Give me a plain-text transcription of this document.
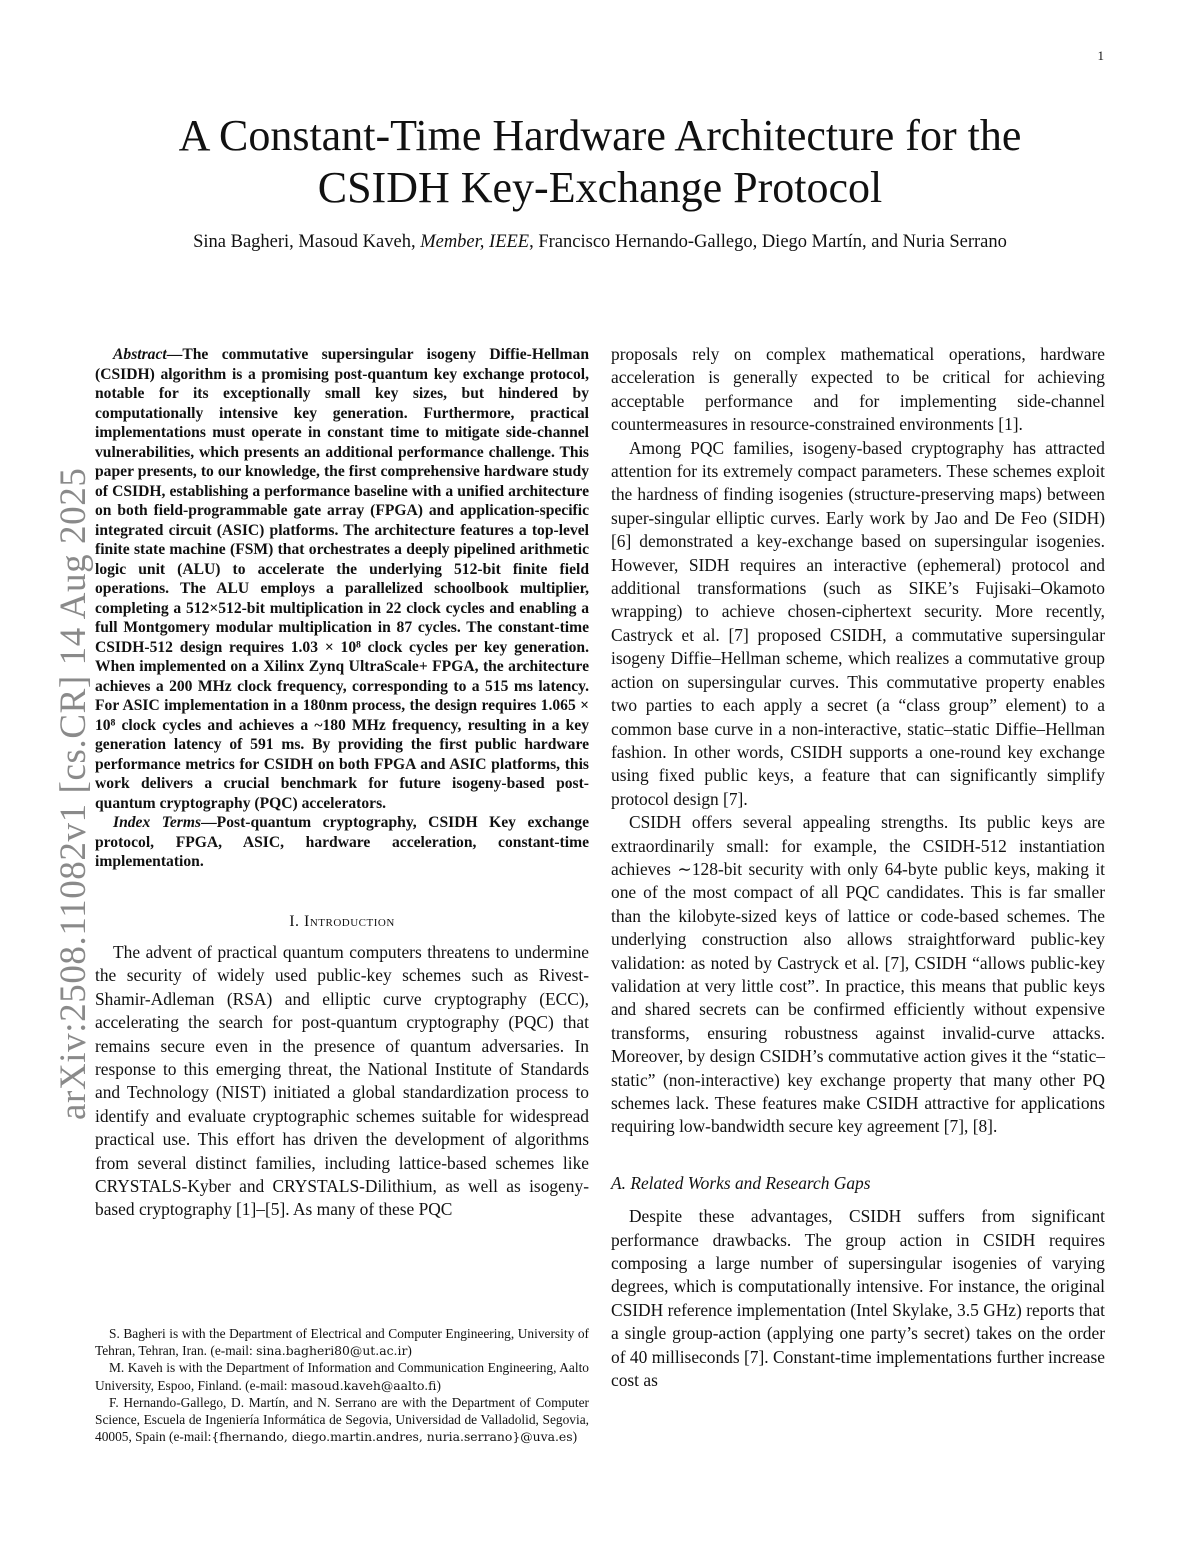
1
arXiv:2508.11082v1 [cs.CR] 14 Aug 2025
A Constant-Time Hardware Architecture for the
CSIDH Key-Exchange Protocol
Sina Bagheri, Masoud Kaveh, Member, IEEE, Francisco Hernando-Gallego, Diego Martín, and Nuria Serrano

Abstract—The commutative supersingular isogeny Diffie-Hellman (CSIDH) algorithm is a promising post-quantum key exchange protocol, notable for its exceptionally small key sizes, but hindered by computationally intensive key generation. Furthermore, practical implementations must operate in constant time to mitigate side-channel vulnerabilities, which presents an additional performance challenge. This paper presents, to our knowledge, the first comprehensive hardware study of CSIDH, establishing a performance baseline with a unified architecture on both field-programmable gate array (FPGA) and application-specific integrated circuit (ASIC) platforms. The architecture features a top-level finite state machine (FSM) that orchestrates a deeply pipelined arithmetic logic unit (ALU) to accelerate the underlying 512-bit finite field operations. The ALU employs a parallelized schoolbook multiplier, completing a 512×512-bit multiplication in 22 clock cycles and enabling a full Montgomery modular multiplication in 87 cycles. The constant-time CSIDH-512 design requires 1.03 × 10⁸ clock cycles per key generation. When implemented on a Xilinx Zynq UltraScale+ FPGA, the architecture achieves a 200 MHz clock frequency, corresponding to a 515 ms latency. For ASIC implementation in a 180nm process, the design requires 1.065 × 10⁸ clock cycles and achieves a ~180 MHz frequency, resulting in a key generation latency of 591 ms. By providing the first public hardware performance metrics for CSIDH on both FPGA and ASIC platforms, this work delivers a crucial benchmark for future isogeny-based post-quantum cryptography (PQC) accelerators.

Index Terms—Post-quantum cryptography, CSIDH Key exchange protocol, FPGA, ASIC, hardware acceleration, constant-time implementation.

I. Introduction

The advent of practical quantum computers threatens to undermine the security of widely used public-key schemes such as Rivest-Shamir-Adleman (RSA) and elliptic curve cryptography (ECC), accelerating the search for post-quantum cryptography (PQC) that remains secure even in the presence of quantum adversaries. In response to this emerging threat, the National Institute of Standards and Technology (NIST) initiated a global standardization process to identify and evaluate cryptographic schemes suitable for widespread practical use. This effort has driven the development of algorithms from several distinct families, including lattice-based schemes like CRYSTALS-Kyber and CRYSTALS-Dilithium, as well as isogeny-based cryptography [1]–[5]. As many of these PQC

proposals rely on complex mathematical operations, hardware acceleration is generally expected to be critical for achieving acceptable performance and for implementing side-channel countermeasures in resource-constrained environments [1].

Among PQC families, isogeny-based cryptography has attracted attention for its extremely compact parameters. These schemes exploit the hardness of finding isogenies (structure-preserving maps) between super-singular elliptic curves. Early work by Jao and De Feo (SIDH) [6] demonstrated a key-exchange based on supersingular isogenies. However, SIDH requires an interactive (ephemeral) protocol and additional transformations (such as SIKE’s Fujisaki–Okamoto wrapping) to achieve chosen-ciphertext security. More recently, Castryck et al. [7] proposed CSIDH, a commutative supersingular isogeny Diffie–Hellman scheme, which realizes a commutative group action on supersingular curves. This commutative property enables two parties to each apply a secret (a “class group” element) to a common base curve in a non-interactive, static–static Diffie–Hellman fashion. In other words, CSIDH supports a one-round key exchange using fixed public keys, a feature that can significantly simplify protocol design [7].

CSIDH offers several appealing strengths. Its public keys are extraordinarily small: for example, the CSIDH-512 instantiation achieves ∼128-bit security with only 64-byte public keys, making it one of the most compact of all PQC candidates. This is far smaller than the kilobyte-sized keys of lattice or code-based schemes. The underlying construction also allows straightforward public-key validation: as noted by Castryck et al. [7], CSIDH “allows public-key validation at very little cost”. In practice, this means that public keys and shared secrets can be confirmed efficiently without expensive transforms, ensuring robustness against invalid-curve attacks. Moreover, by design CSIDH’s commutative action gives it the “static–static” (non-interactive) key exchange property that many other PQ schemes lack. These features make CSIDH attractive for applications requiring low-bandwidth secure key agreement [7], [8].

A. Related Works and Research Gaps

Despite these advantages, CSIDH suffers from significant performance drawbacks. The group action in CSIDH requires composing a large number of supersingular isogenies of varying degrees, which is computationally intensive. For instance, the original CSIDH reference implementation (Intel Skylake, 3.5 GHz) reports that a single group-action (applying one party’s secret) takes on the order of 40 milliseconds [7]. Constant-time implementations further increase cost as

S. Bagheri is with the Department of Electrical and Computer Engineering, University of Tehran, Tehran, Iran. (e-mail: sina.bagheri80@ut.ac.ir)

M. Kaveh is with the Department of Information and Communication Engineering, Aalto University, Espoo, Finland. (e-mail: masoud.kaveh@aalto.fi)

F. Hernando-Gallego, D. Martín, and N. Serrano are with the Department of Computer Science, Escuela de Ingeniería Informática de Segovia, Universidad de Valladolid, Segovia, 40005, Spain (e-mail:{fhernando, diego.martin.andres, nuria.serrano}@uva.es)
